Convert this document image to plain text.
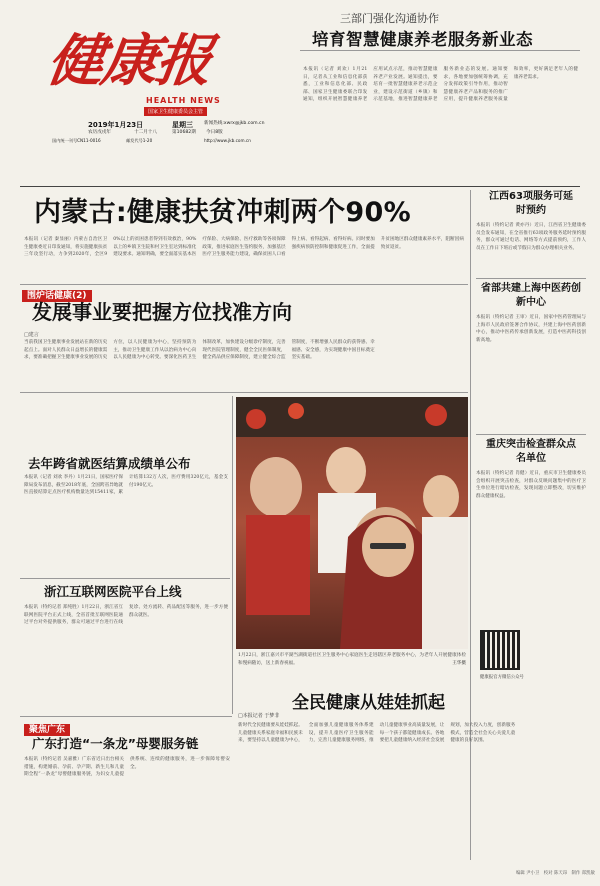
健康报
HEALTH NEWS
国家卫生健康委员会主管
2019年1月23日	星期三
农历戊戌年	十二月十八	第10682期 今日8版
国内统一刊号CN11-0016	邮发代号1-20
新闻热线:xwrx@jkb.com.cn
http://www.jkb.com.cn
三部门强化沟通协作
培育智慧健康养老服务新业态
本报讯（记者 刘欢）1月21日，记者从工业和信息化部获悉，工业和信息化部、民政部、国家卫生健康委联合印发通知，组织开展智慧健康养老应用试点示范，推动智慧健康养老产业发展。通知提出，要培育一批智慧健康养老示范企业，建设示范街道（乡镇）和示范基地，推进智慧健康养老服务新业态的发展。通知要求，各地要加强统筹协调，充分发挥政策引导作用，推动智慧健康养老产品和服务的推广应用，提升健康养老服务质量和效率，更好满足老年人的健康养老需求。
内蒙古:健康扶贫冲刺两个90%
本报讯（记者 秦显丽）内蒙古自治区卫生健康委近日印发通知，将实施健康扶贫三年攻坚行动，力争到2020年，全区90%以上的贫困患者得到有效救治，90%以上的乡镇卫生院和村卫生室达到标准化建设要求。通知明确，要全面落实基本医疗保险、大病保险、医疗救助等各项保障政策，推进家庭医生签约服务，加强基层医疗卫生服务能力建设，确保贫困人口看得上病、看得起病、看得好病。同时要加强疾病预防控制和健康促进工作，全面提升贫困地区群众健康素养水平，阻断因病致贫返贫。
围炉话健康(2)
发展事业要把握方位找准方向
□建言
当前我国卫生健康事业发展站在新的历史起点上。面对人民群众日益增长的健康需求，要准确把握卫生健康事业发展的历史方位，以人民健康为中心，坚持预防为主，推动卫生健康工作从以治病为中心向以人民健康为中心转变。要深化医药卫生体制改革，加快建设分级诊疗制度，完善现代医院管理制度，健全全民医保制度，健全药品供应保障制度，建立健全综合监管制度，不断增强人民群众的获得感、幸福感、安全感，为实现健康中国目标奠定坚实基础。
江西63项服务可延时预约
本报讯（特约记者 黄亦丹）近日，江西省卫生健康委员会发布通知，在全省推行63项政务服务延时预约服务，群众可通过电话、网络等方式提前预约，工作人员在工作日下班后或节假日为群众办理相关业务。
省部共建上海中医药创新中心
本报讯（特约记者 王审）近日，国家中医药管理局与上海市人民政府签署合作协议，共建上海中医药创新中心，推动中医药传承创新发展，打造中医药科技创新高地。
重庆突击检查群众点名单位
本报讯（特约记者 肖健）近日，重庆市卫生健康委员会组织开展突击检查，对群众反映问题集中的医疗卫生单位进行暗访检查，发现问题立即整改，切实维护群众健康权益。
健康报官方微信公众号
去年跨省就医结算成绩单公布
本报讯（记者 刘欢 李丹）1月21日，国家医疗保障局发布消息，截至2018年底，全国跨省异地就医直接结算定点医疗机构数量达到15411家，累计结算132万人次，医疗费用320亿元，基金支付190亿元。
浙江互联网医院平台上线
本报讯（特约记者 郑纯胜）1月22日，浙江省互联网医院平台正式上线，全省首批互联网医院通过平台对外提供服务，群众可通过平台进行在线复诊、处方流转、药品配送等服务，进一步方便群众就医。
1月22日，浙江嘉兴市平湖当湖街道社区卫生服务中心家庭医生走进辖区养老服务中心，为老年人开展健康体检和慢病随访，送上新春祝福。	王华摄
全民健康从娃娃抓起
□本报记者 于梦非
新时代全民健康要从娃娃抓起。儿童健康关系家庭幸福和民族未来，要坚持以儿童健康为中心，全面加强儿童健康服务体系建设，提升儿童医疗卫生服务能力，完善儿童健康服务网络，推动儿童健康事业高质量发展，让每一个孩子都能健康成长。各地要把儿童健康纳入经济社会发展规划，加大投入力度，创新服务模式，营造全社会关心关爱儿童健康的良好氛围。
聚焦广东
广东打造“一条龙”母婴服务链
本报讯（特约记者 吴嘉雅）广东省近日出台相关措施，构建婚前、孕前、孕产期、新生儿和儿童期全程“一条龙”母婴健康服务链，为妇女儿童提供系统、连续的健康服务，进一步保障母婴安全。
编辑 尹小卫 校对 陈天昂 制作 郑凯敏
